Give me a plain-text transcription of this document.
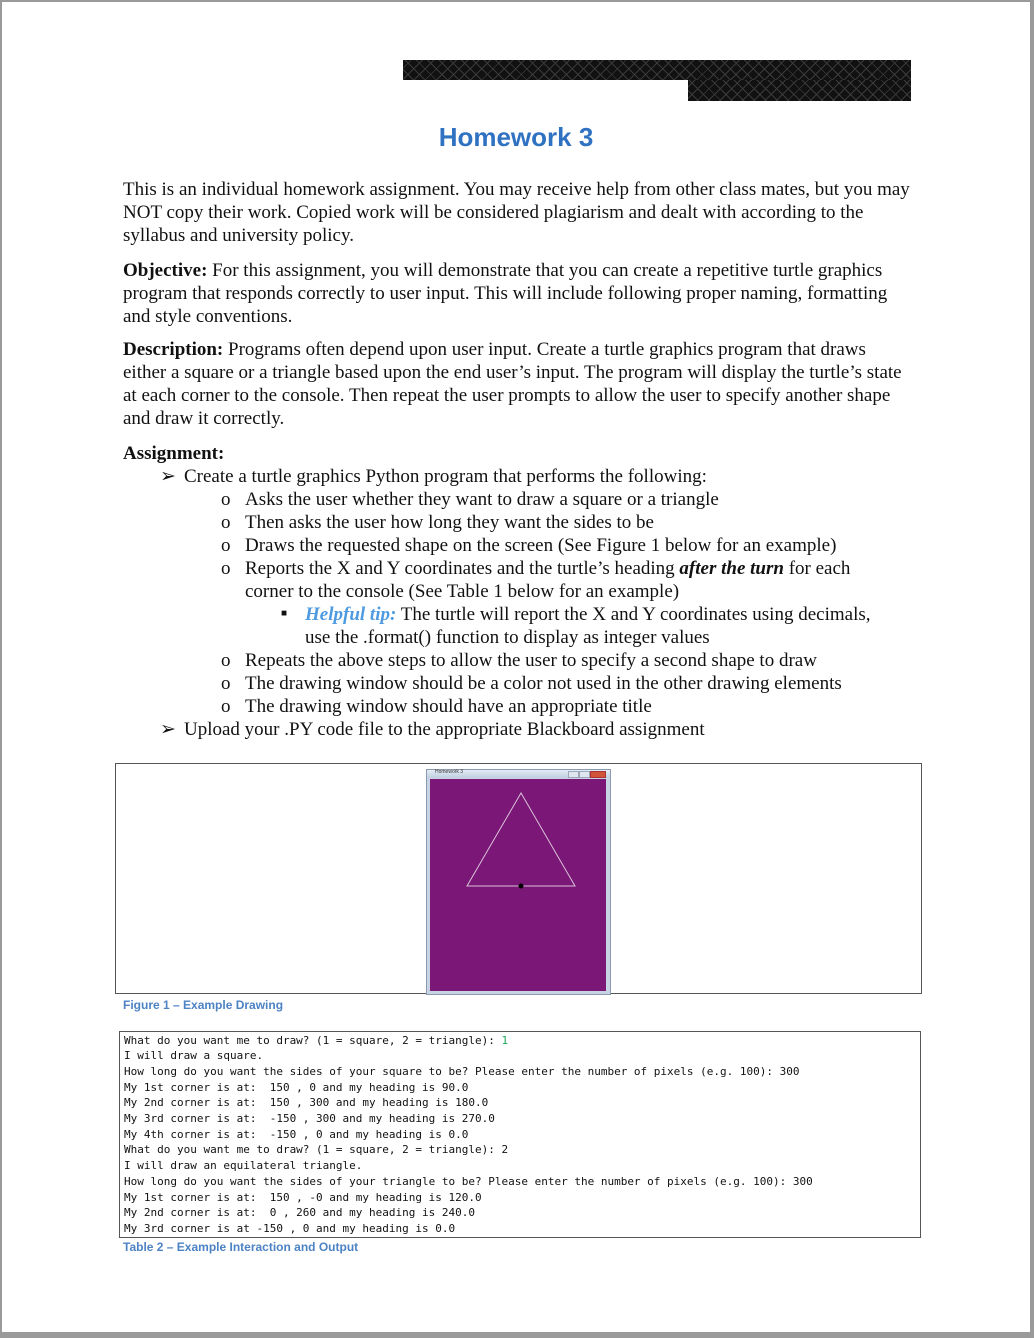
Homework 3
This is an individual homework assignment. You may receive help from other class mates, but you may NOT copy their work. Copied work will be considered plagiarism and dealt with according to the syllabus and university policy.
Objective: For this assignment, you will demonstrate that you can create a repetitive turtle graphics program that responds correctly to user input. This will include following proper naming, formatting and style conventions.
Description: Programs often depend upon user input. Create a turtle graphics program that draws either a square or a triangle based upon the end user’s input. The program will display the turtle’s state at each corner to the console. Then repeat the user prompts to allow the user to specify another shape and draw it correctly.
Assignment:
➢ Create a turtle graphics Python program that performs the following:
o Asks the user whether they want to draw a square or a triangle
o Then asks the user how long they want the sides to be
o Draws the requested shape on the screen (See Figure 1 below for an example)
o Reports the X and Y coordinates and the turtle’s heading after the turn for each
corner to the console (See Table 1 below for an example)
■ Helpful tip: The turtle will report the X and Y coordinates using decimals,
use the .format() function to display as integer values
o Repeats the above steps to allow the user to specify a second shape to draw
o The drawing window should be a color not used in the other drawing elements
o The drawing window should have an appropriate title
➢ Upload your .PY code file to the appropriate Blackboard assignment
Homework 3
Figure 1 – Example Drawing
What do you want me to draw? (1 = square, 2 = triangle): 1
I will draw a square.
How long do you want the sides of your square to be? Please enter the number of pixels (e.g. 100): 300
My 1st corner is at:  150 , 0 and my heading is 90.0
My 2nd corner is at:  150 , 300 and my heading is 180.0
My 3rd corner is at:  -150 , 300 and my heading is 270.0
My 4th corner is at:  -150 , 0 and my heading is 0.0
What do you want me to draw? (1 = square, 2 = triangle): 2
I will draw an equilateral triangle.
How long do you want the sides of your triangle to be? Please enter the number of pixels (e.g. 100): 300
My 1st corner is at:  150 , -0 and my heading is 120.0
My 2nd corner is at:  0 , 260 and my heading is 240.0
My 3rd corner is at -150 , 0 and my heading is 0.0
Table 2 – Example Interaction and Output
